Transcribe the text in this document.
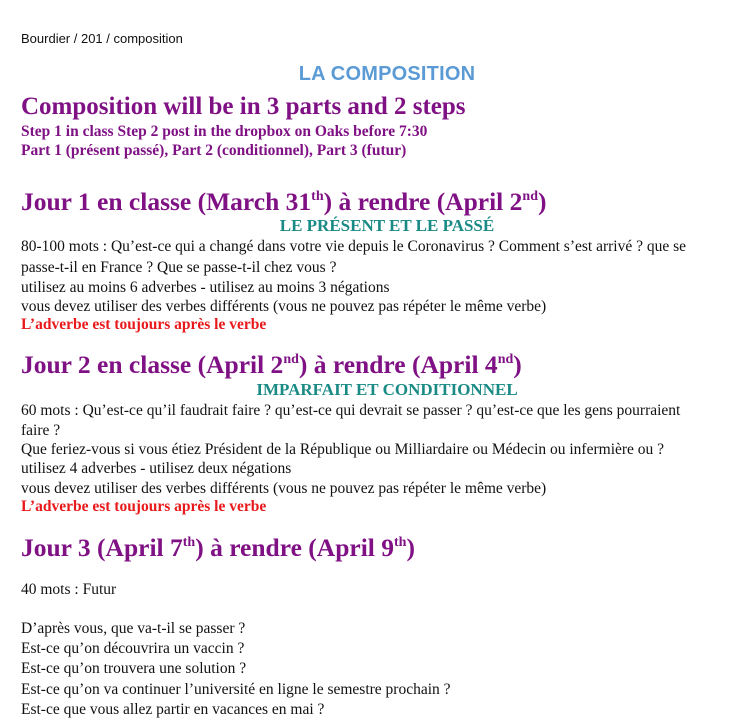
Bourdier / 201 / composition
LA COMPOSITION
Composition will be in 3 parts and 2 steps
Step 1 in class Step 2 post in the dropbox on Oaks before 7:30
Part 1 (présent passé), Part 2 (conditionnel), Part 3 (futur)
Jour 1 en classe (March 31th) à rendre (April 2nd)
LE PRÉSENT ET LE PASSÉ
80-100 mots : Qu’est-ce qui a changé dans votre vie depuis le Coronavirus ? Comment s’est arrivé ? que se
passe-t-il en France ? Que se passe-t-il chez vous ?
utilisez au moins 6 adverbes - utilisez au moins 3 négations
vous devez utiliser des verbes différents (vous ne pouvez pas répéter le même verbe)
L’adverbe est toujours après le verbe
Jour 2 en classe (April 2nd) à rendre (April 4nd)
IMPARFAIT ET CONDITIONNEL
60 mots : Qu’est-ce qu’il faudrait faire ? qu’est-ce qui devrait se passer ? qu’est-ce que les gens pourraient
faire ?
Que feriez-vous si vous étiez Président de la République ou Milliardaire ou Médecin ou infermière ou ?
utilisez 4 adverbes - utilisez deux négations
vous devez utiliser des verbes différents (vous ne pouvez pas répéter le même verbe)
L’adverbe est toujours après le verbe
Jour 3 (April 7th) à rendre (April 9th)
40 mots : Futur
D’après vous, que va-t-il se passer ?
Est-ce qu’on découvrira un vaccin ?
Est-ce qu’on trouvera une solution ?
Est-ce qu’on va continuer l’université en ligne le semestre prochain ?
Est-ce que vous allez partir en vacances en mai ?
